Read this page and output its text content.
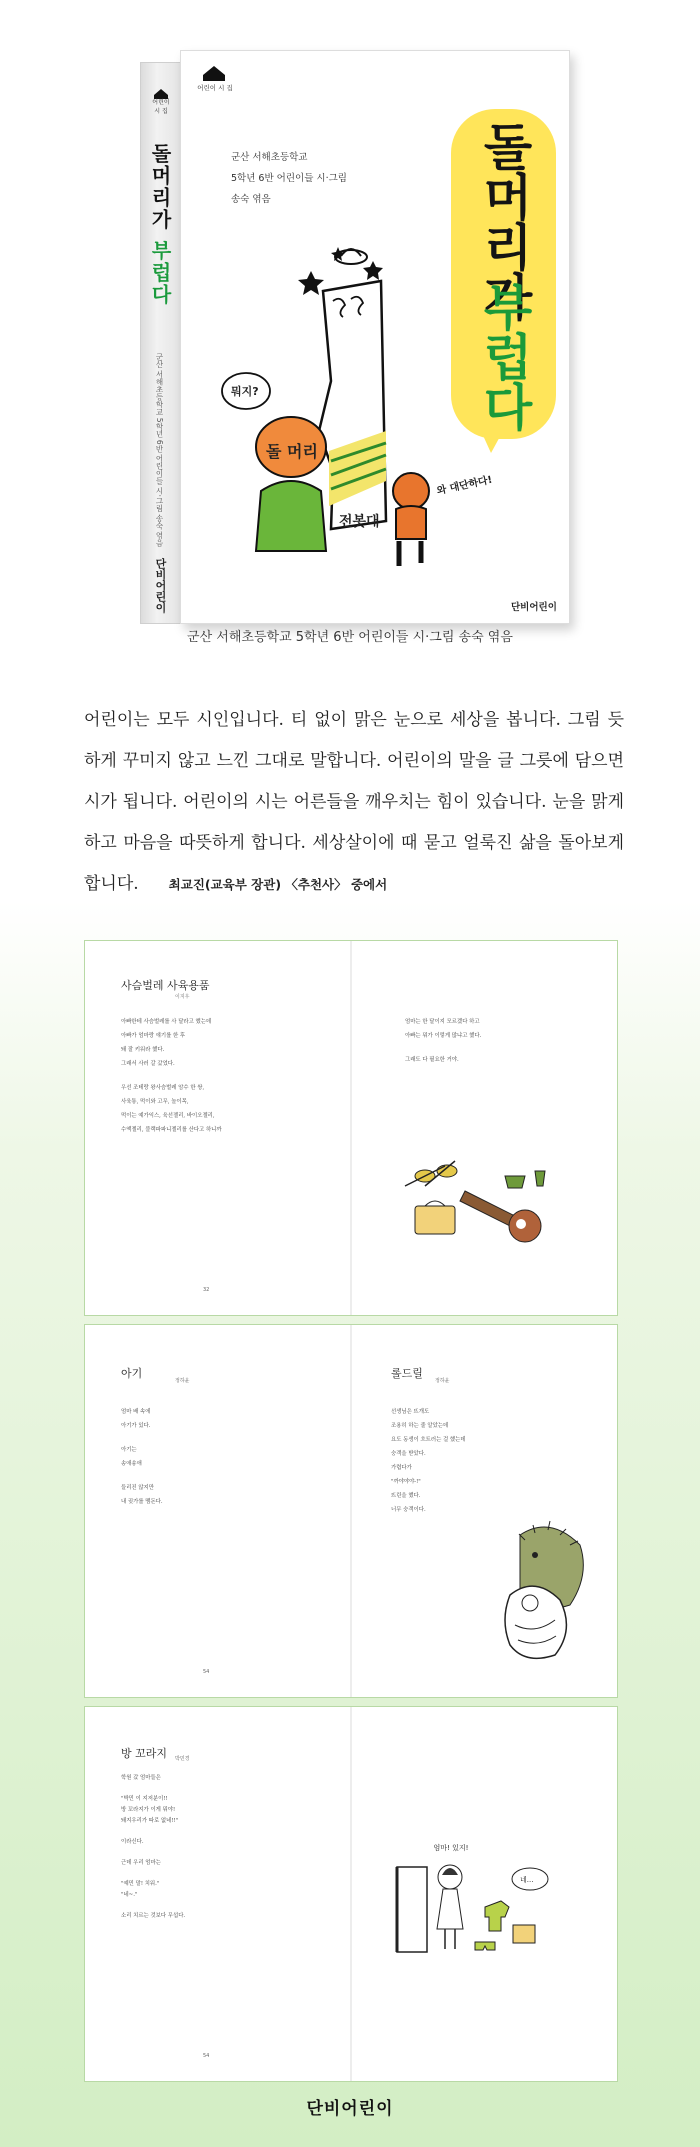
어린이 시 집
돌머리가 부럽다
군산 서해초등학교 5학년 6반 어린이들 시·그림 송숙 엮음
단비어린이
어린이 시 집
군산 서해초등학교
5학년 6반 어린이들 시·그림
송숙 엮음	돌머리가
부럽다
뭐지?
돌 머리
전봇대
와 대단하다!
단비어린이
군산 서해초등학교 5학년 6반 어린이들 시·그림 송숙 엮음
어린이는 모두 시인입니다. 티 없이 맑은 눈으로 세상을 봅니다. 그림 듯하게 꾸미지 않고 느낀 그대로 말합니다. 어린이의 말을 글 그릇에 담으면 시가 됩니다. 어린이의 시는 어른들을 깨우치는 힘이 있습니다. 눈을 맑게 하고 마음을 따뜻하게 합니다. 세상살이에 때 묻고 얼룩진 삶을 돌아보게 합니다. 최교진(교육부 장관) 〈추천사〉 중에서
사슴벌레 사육용품
이지우
아빠한테 사슴벌레를 사 달라고 했는데
아빠가 엄마랑 얘기를 한 후
돼 잘 키워라 했다.
그래서 사러 갈 갔었다.
우선 조테랑 왕사슴벌레 암수 한 쌍,
사육통, 먹이와 고무, 놀이목,
먹이는 예가익스, 육선젤리, 바이오젤리,
수액젤리, 블랙파파니젤리를 산다고 하니까
32
엄마는 한 달이지 모르겠다 하고
아빠는 뭐가 이렇게 많냐고 했다.
그래도 다 필요한 거야.
아기
정하윤
엄마 배 속에
아기가 있다.
아기는
송애송애
들리진 않지만
내 귓가를 맴돈다.
54
롤드릴
정하윤
선생님은 뜨개도
조용히 하는 줄 알았는데
요도 동생이 흐트러는 걸 했는데
숭객을 받았다.
가렵다가
"까야야야-!"
뜨린을 했다.
너무 숭객이다.
방 꼬라지 박민경
학원 갔 엄마들은
"박민 이 지저분이!!
방 꼬라지가 이게 뭐야!
돼지우리가 따로 없네!!"
이라신다.
근데 우리 엄마는
"예민 말! 치워."
"네~."
소리 치르는 것보다 무섭다.
54
엄마! 있지!
네...
단비어린이
